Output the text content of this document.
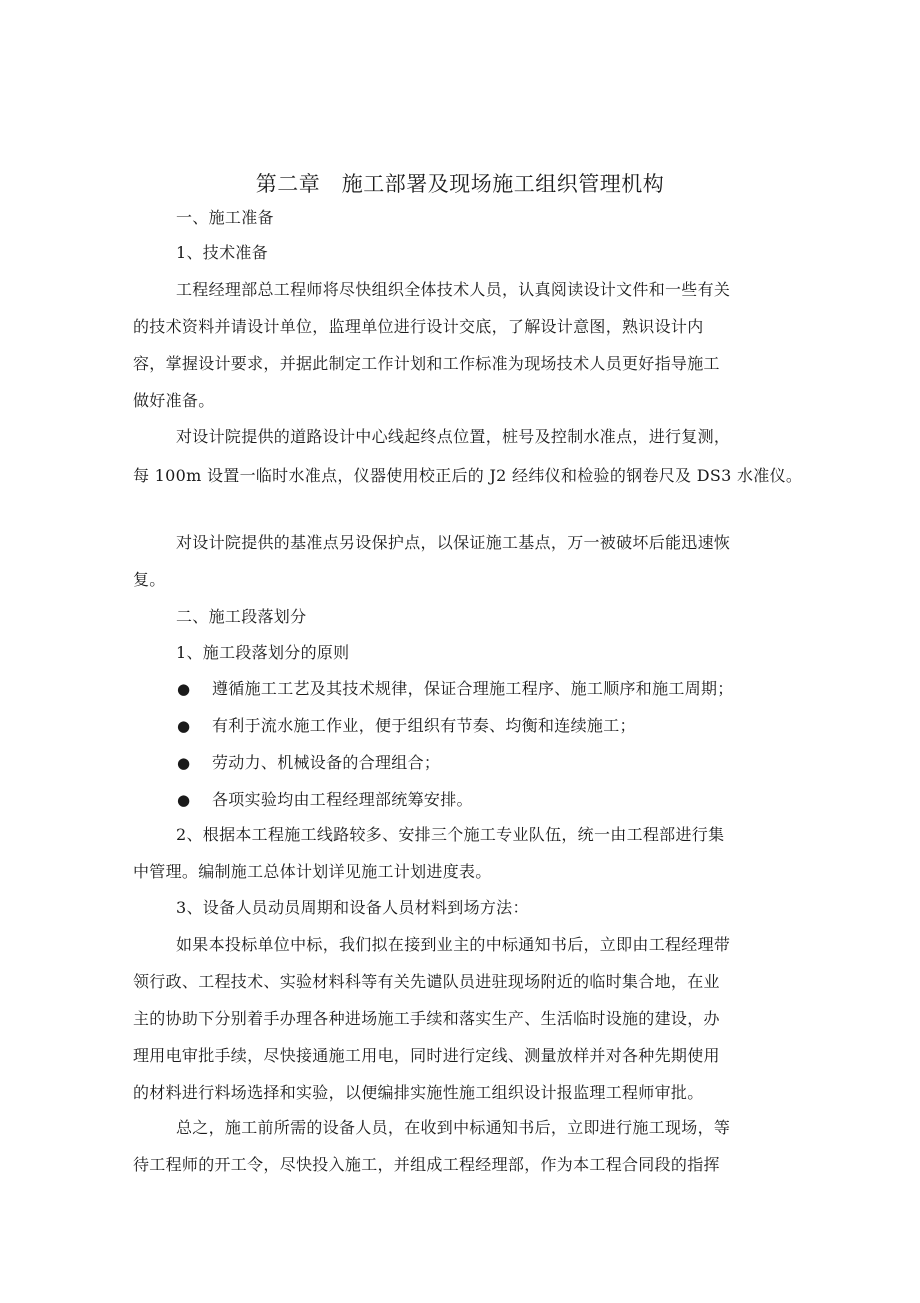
第二章　施工部署及现场施工组织管理机构
一、施工准备
1、技术准备
工程经理部总工程师将尽快组织全体技术人员，认真阅读设计文件和一些有关
的技术资料并请设计单位，监理单位进行设计交底，了解设计意图，熟识设计内
容，掌握设计要求，并据此制定工作计划和工作标准为现场技术人员更好指导施工
做好准备。
对设计院提供的道路设计中心线起终点位置，桩号及控制水准点，进行复测，
每 100m 设置一临时水准点，仪器使用校正后的 J2 经纬仪和检验的钢卷尺及 DS3 水准仪。
对设计院提供的基准点另设保护点，以保证施工基点，万一被破坏后能迅速恢
复。
二、施工段落划分
1、施工段落划分的原则
● 遵循施工工艺及其技术规律，保证合理施工程序、施工顺序和施工周期；
● 有利于流水施工作业，便于组织有节奏、均衡和连续施工；
● 劳动力、机械设备的合理组合；
● 各项实验均由工程经理部统筹安排。
2、根据本工程施工线路较多、安排三个施工专业队伍，统一由工程部进行集
中管理。编制施工总体计划详见施工计划进度表。
3、设备人员动员周期和设备人员材料到场方法：
如果本投标单位中标，我们拟在接到业主的中标通知书后，立即由工程经理带
领行政、工程技术、实验材料科等有关先谴队员进驻现场附近的临时集合地，在业
主的协助下分别着手办理各种进场施工手续和落实生产、生活临时设施的建设，办
理用电审批手续，尽快接通施工用电，同时进行定线、测量放样并对各种先期使用
的材料进行料场选择和实验，以便编排实施性施工组织设计报监理工程师审批。
总之，施工前所需的设备人员，在收到中标通知书后，立即进行施工现场，等
待工程师的开工令，尽快投入施工，并组成工程经理部，作为本工程合同段的指挥
